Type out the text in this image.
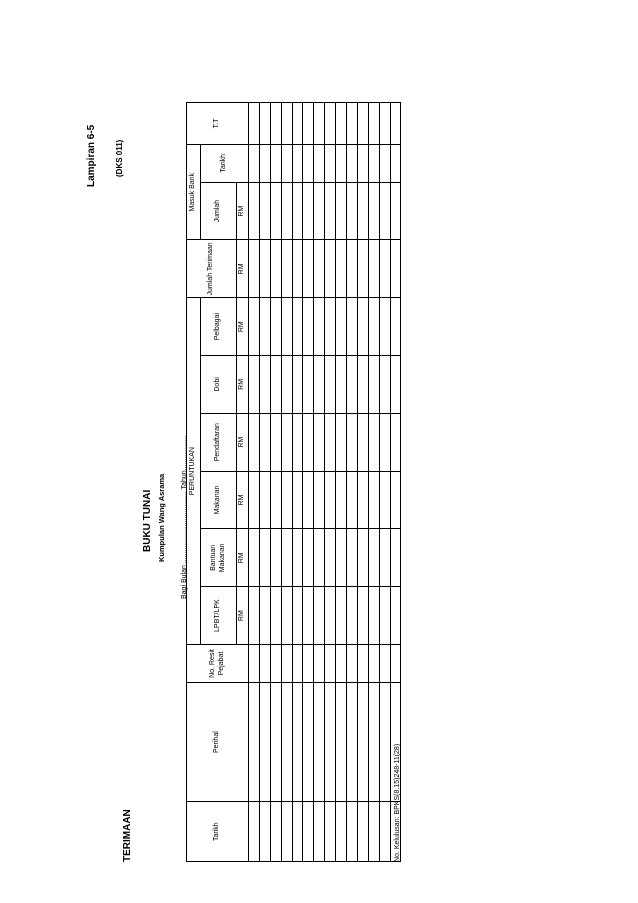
Lampiran 6-5 (DKS 011)
TERIMAAN
BUKU TUNAI Kumpulan Wang Asrama Bagi Bulan ..................................... Tahun..................
Tarikh	Perihal	No. Resit Pejabat	PERUNTUKAN						Jumlah Terimaan	Masuk Bank		T.T
			LPBT/LPK	Bantuan Makanan	Makanan	Pendaftaran	Dobi	Pelbagai		Jumlah	Tarikh	
			RM	RM	RM	RM	RM	RM	RM	RM		

No. Kelulusan: BPKS(8.15)248-11(28)
